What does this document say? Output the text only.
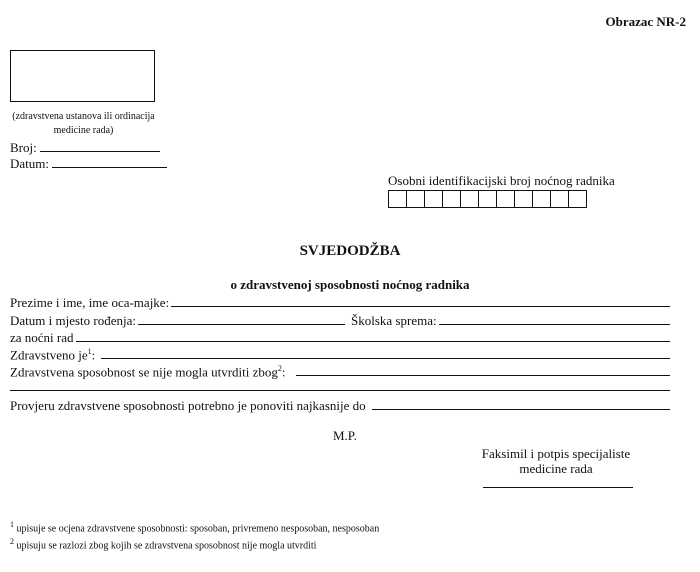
Obrazac NR-2
(zdravstvena ustanova ili ordinacija medicine rada)
Broj:
Datum:
Osobni identifikacijski broj noćnog radnika
SVJEDODŽBA
o zdravstvenoj sposobnosti noćnog radnika
Prezime i ime, ime oca-majke:
Datum i mjesto rođenja:	Školska sprema:
za noćni rad
Zdravstveno $je^1$:
Zdravstvena sposobnost se nije mogla utvrditi zbog$^2$:
Provjeru zdravstvene sposobnosti potrebno je ponoviti najkasnije do
M.P.
Faksimil i potpis specijaliste medicine rada
$^1$ upisuje se ocjena zdravstvene sposobnosti: sposoban, privremeno nesposoban, nesposoban
$^2$ upisuju se razlozi zbog kojih se zdravstvena sposobnost nije mogla utvrditi
